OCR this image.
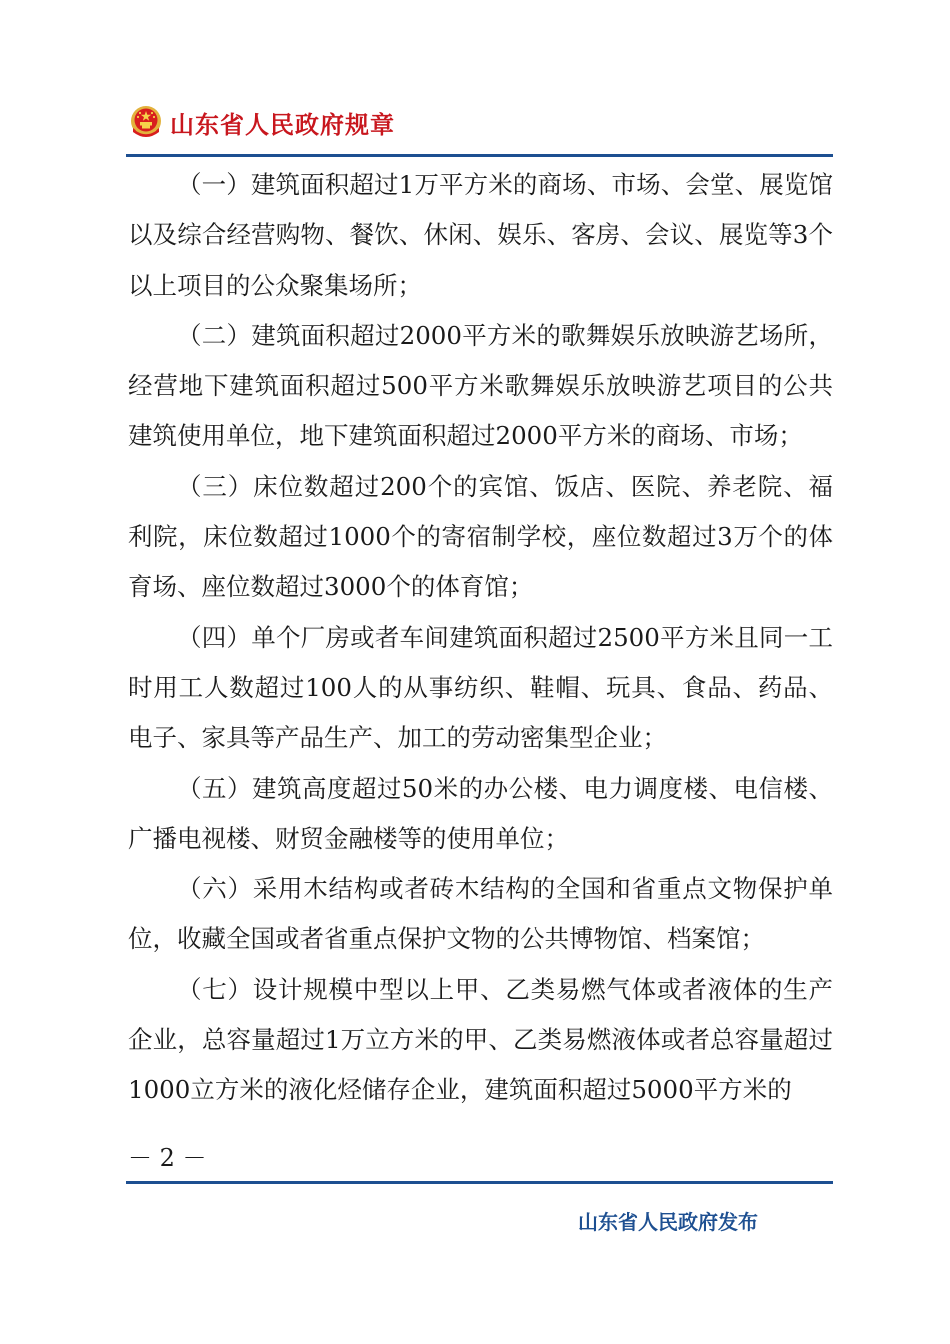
山东省人民政府规章

（一）建筑面积超过1万平方米的商场、市场、会堂、展览馆以及综合经营购物、餐饮、休闲、娱乐、客房、会议、展览等3个以上项目的公众聚集场所；

（二）建筑面积超过2000平方米的歌舞娱乐放映游艺场所，经营地下建筑面积超过500平方米歌舞娱乐放映游艺项目的公共建筑使用单位，地下建筑面积超过2000平方米的商场、市场；

（三）床位数超过200个的宾馆、饭店、医院、养老院、福利院，床位数超过1000个的寄宿制学校，座位数超过3万个的体育场、座位数超过3000个的体育馆；

（四）单个厂房或者车间建筑面积超过2500平方米且同一工时用工人数超过100人的从事纺织、鞋帽、玩具、食品、药品、电子、家具等产品生产、加工的劳动密集型企业；

（五）建筑高度超过50米的办公楼、电力调度楼、电信楼、广播电视楼、财贸金融楼等的使用单位；

（六）采用木结构或者砖木结构的全国和省重点文物保护单位，收藏全国或者省重点保护文物的公共博物馆、档案馆；

（七）设计规模中型以上甲、乙类易燃气体或者液体的生产企业，总容量超过1万立方米的甲、乙类易燃液体或者总容量超过1000立方米的液化烃储存企业，建筑面积超过5000平方米的

－ 2 －
山东省人民政府发布
